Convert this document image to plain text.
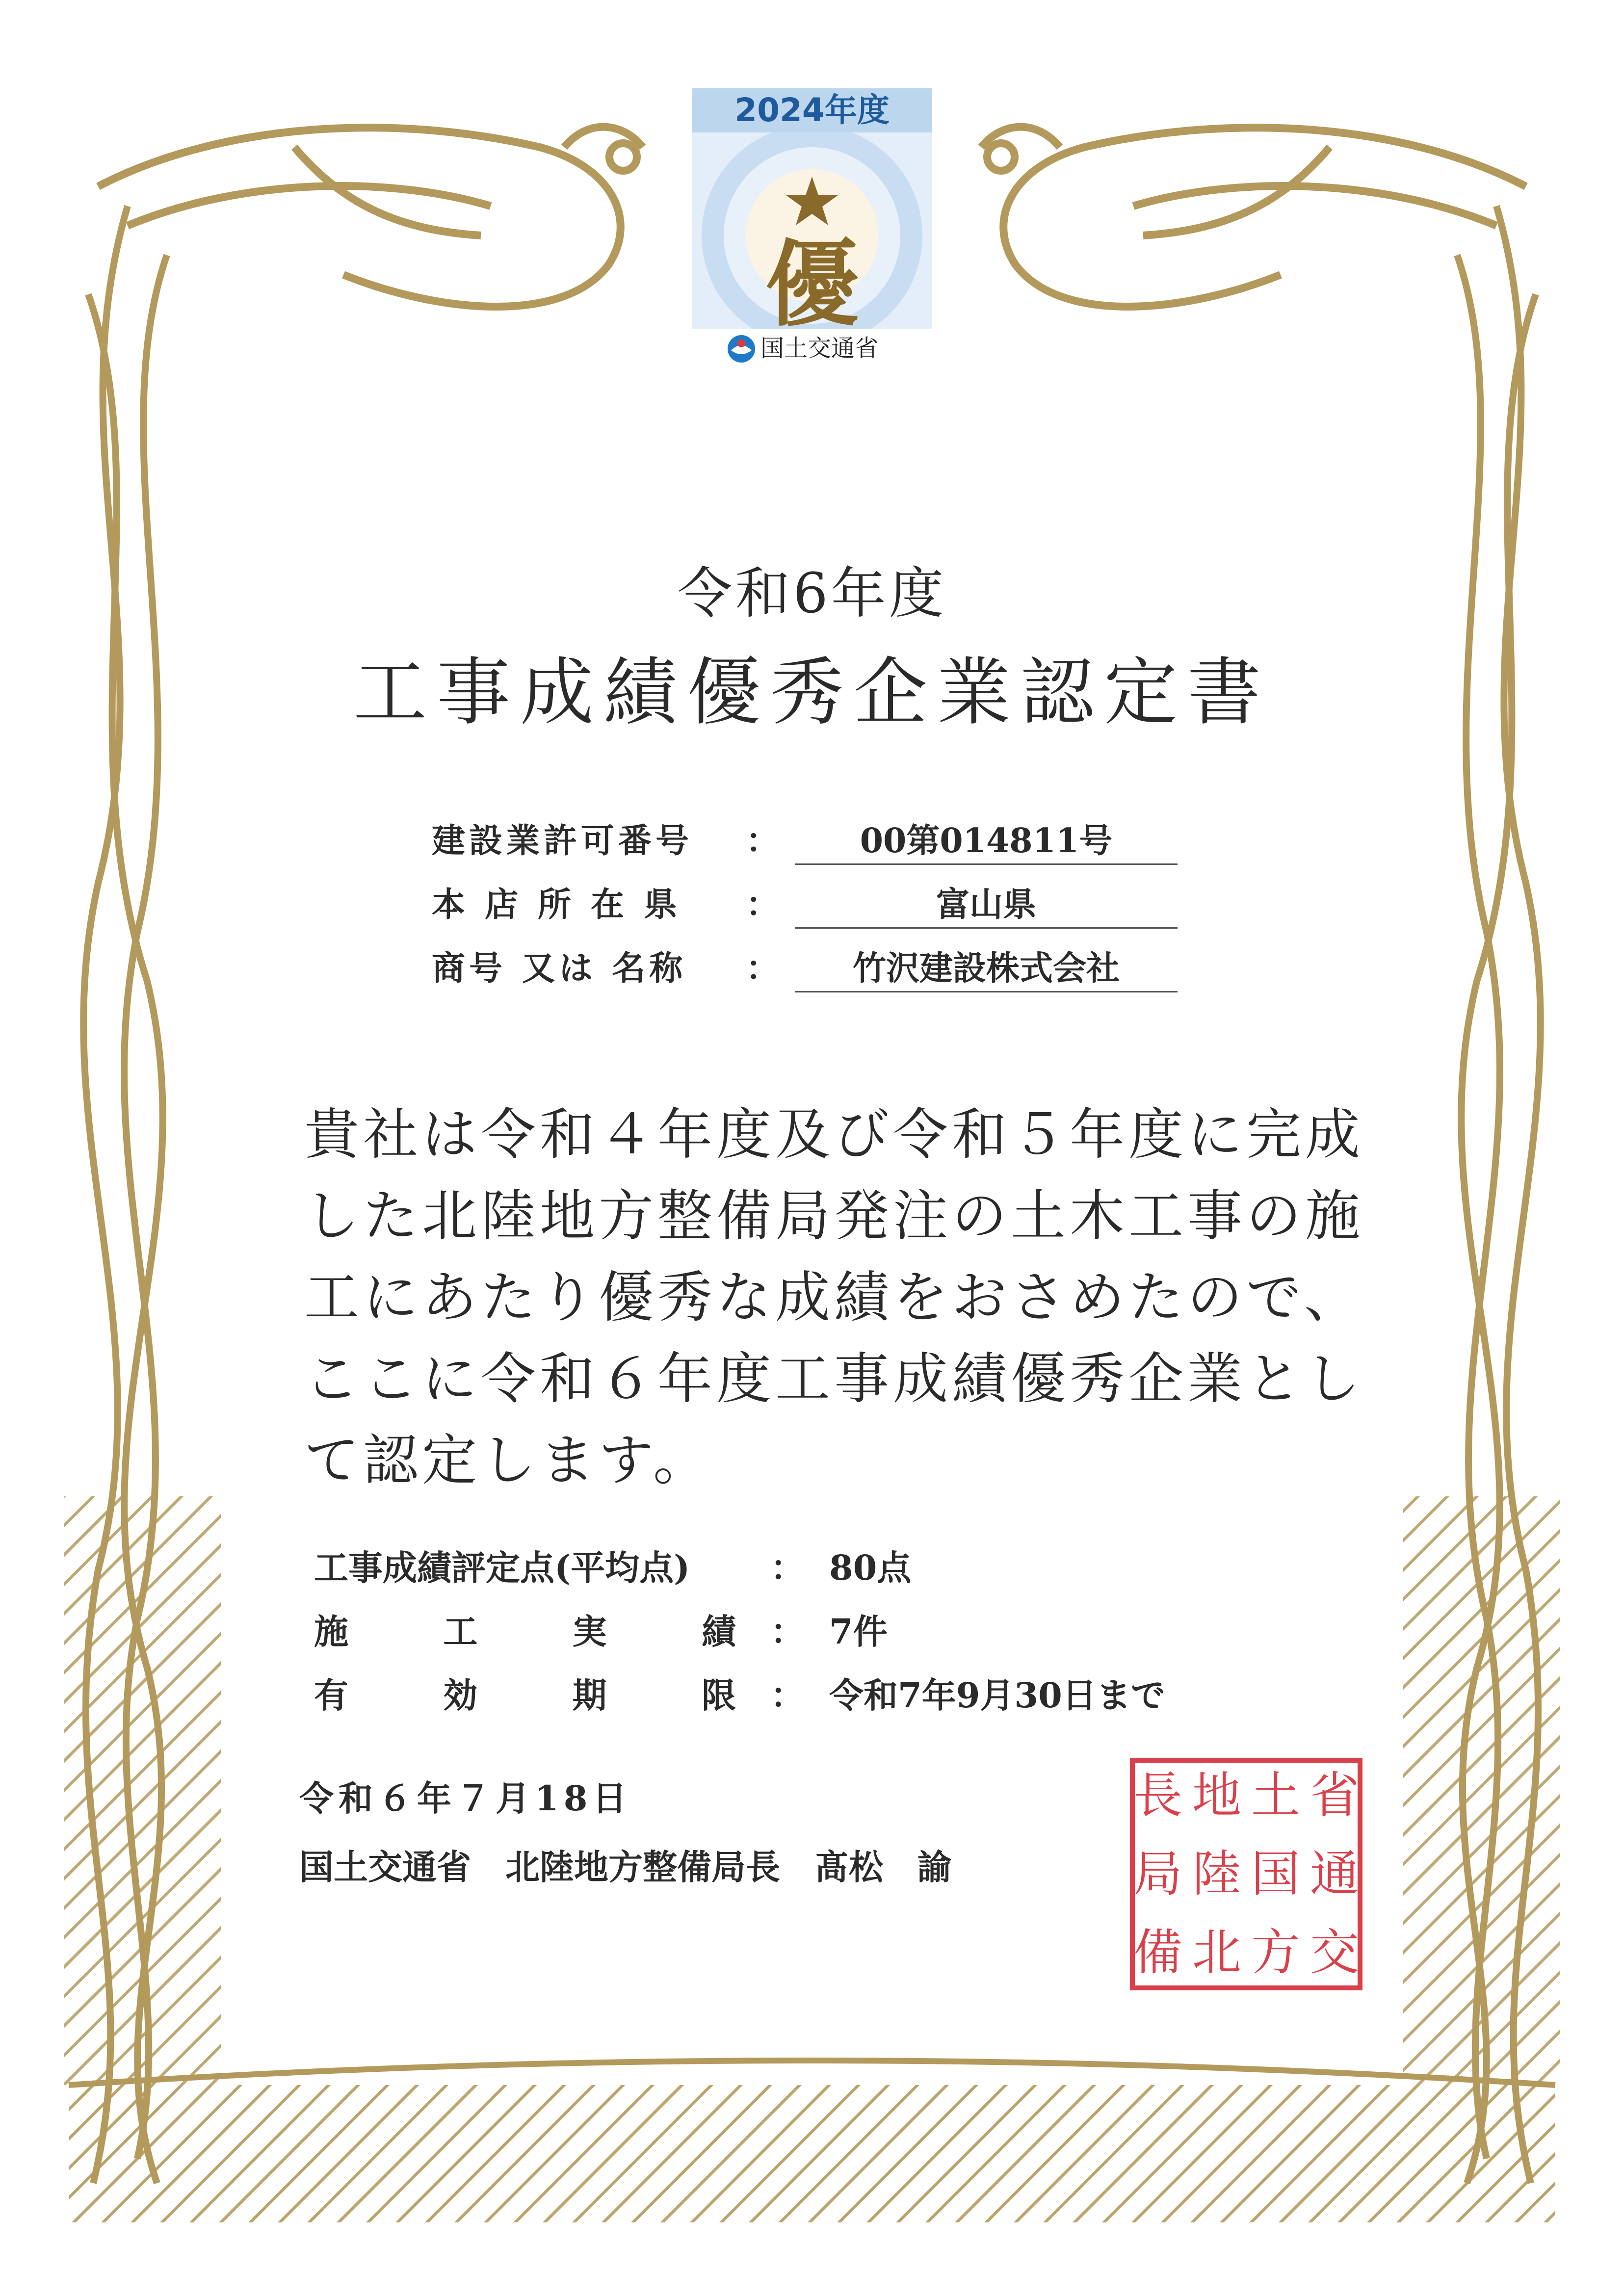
2024年度
優
国土交通省
令和6年度
工事成績優秀企業認定書
建設業許可番号	：	00第014811号
本店所在県	：	富山県
商号 又は 名称	：	竹沢建設株式会社
貴社は令和４年度及び令和５年度に完成
した北陸地方整備局発注の土木工事の施
工にあたり優秀な成績をおさめたので、
ここに令和６年度工事成績優秀企業とし
て認定します。
工事成績評定点(平均点)	： 80点
施	工	実	績 ： 7件
有	効	期	限 ： 令和7年9月30日まで
令和６年７月18日
国土交通省 北陸地方整備局長 髙松　諭
省
通
交
土
国
方
地
陸
北
長
局
備
